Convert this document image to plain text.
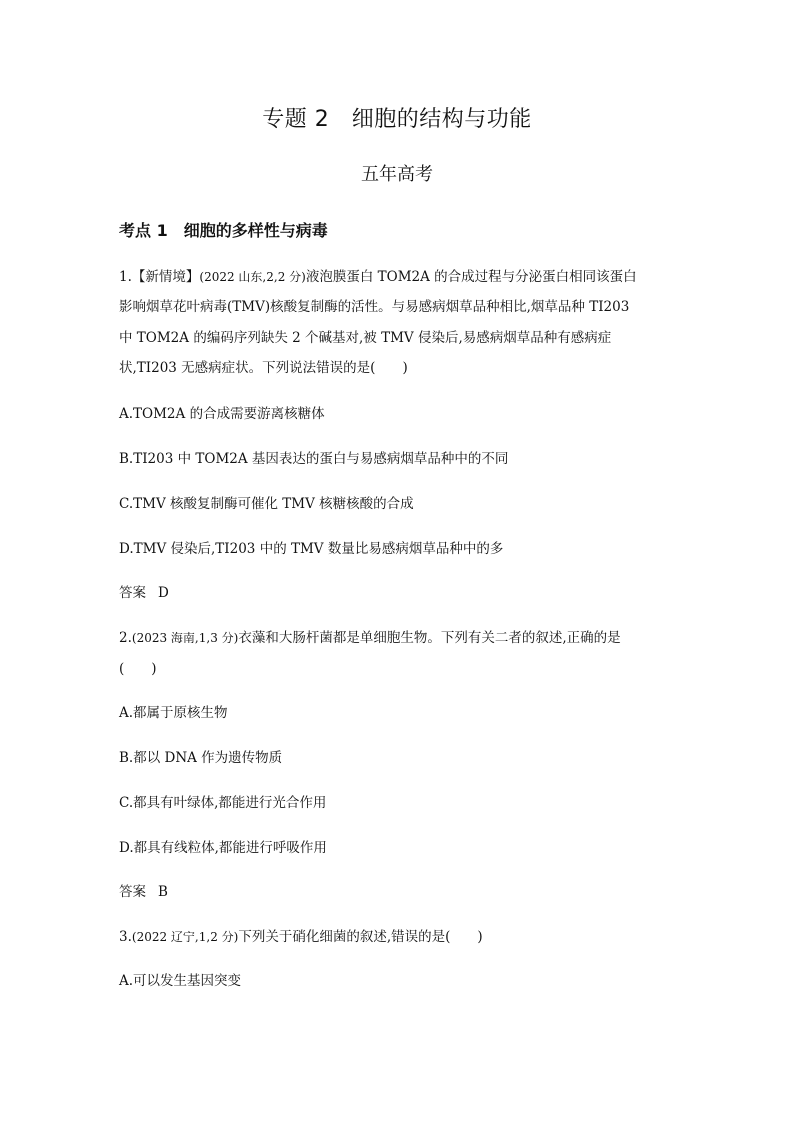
专题 2　细胞的结构与功能
五年高考
考点 1　细胞的多样性与病毒
1.【新情境】(2022 山东,2,2 分)液泡膜蛋白 TOM2A 的合成过程与分泌蛋白相同该蛋白
影响烟草花叶病毒(TMV)核酸复制酶的活性。与易感病烟草品种相比,烟草品种 TI203
中 TOM2A 的编码序列缺失 2 个碱基对,被 TMV 侵染后,易感病烟草品种有感病症
状,TI203 无感病症状。下列说法错误的是(　　)
A.TOM2A 的合成需要游离核糖体
B.TI203 中 TOM2A 基因表达的蛋白与易感病烟草品种中的不同
C.TMV 核酸复制酶可催化 TMV 核糖核酸的合成
D.TMV 侵染后,TI203 中的 TMV 数量比易感病烟草品种中的多
答案 D
2.(2023 海南,1,3 分)衣藻和大肠杆菌都是单细胞生物。下列有关二者的叙述,正确的是
(　　)
A.都属于原核生物
B.都以 DNA 作为遗传物质
C.都具有叶绿体,都能进行光合作用
D.都具有线粒体,都能进行呼吸作用
答案 B
3.(2022 辽宁,1,2 分)下列关于硝化细菌的叙述,错误的是(　　)
A.可以发生基因突变
